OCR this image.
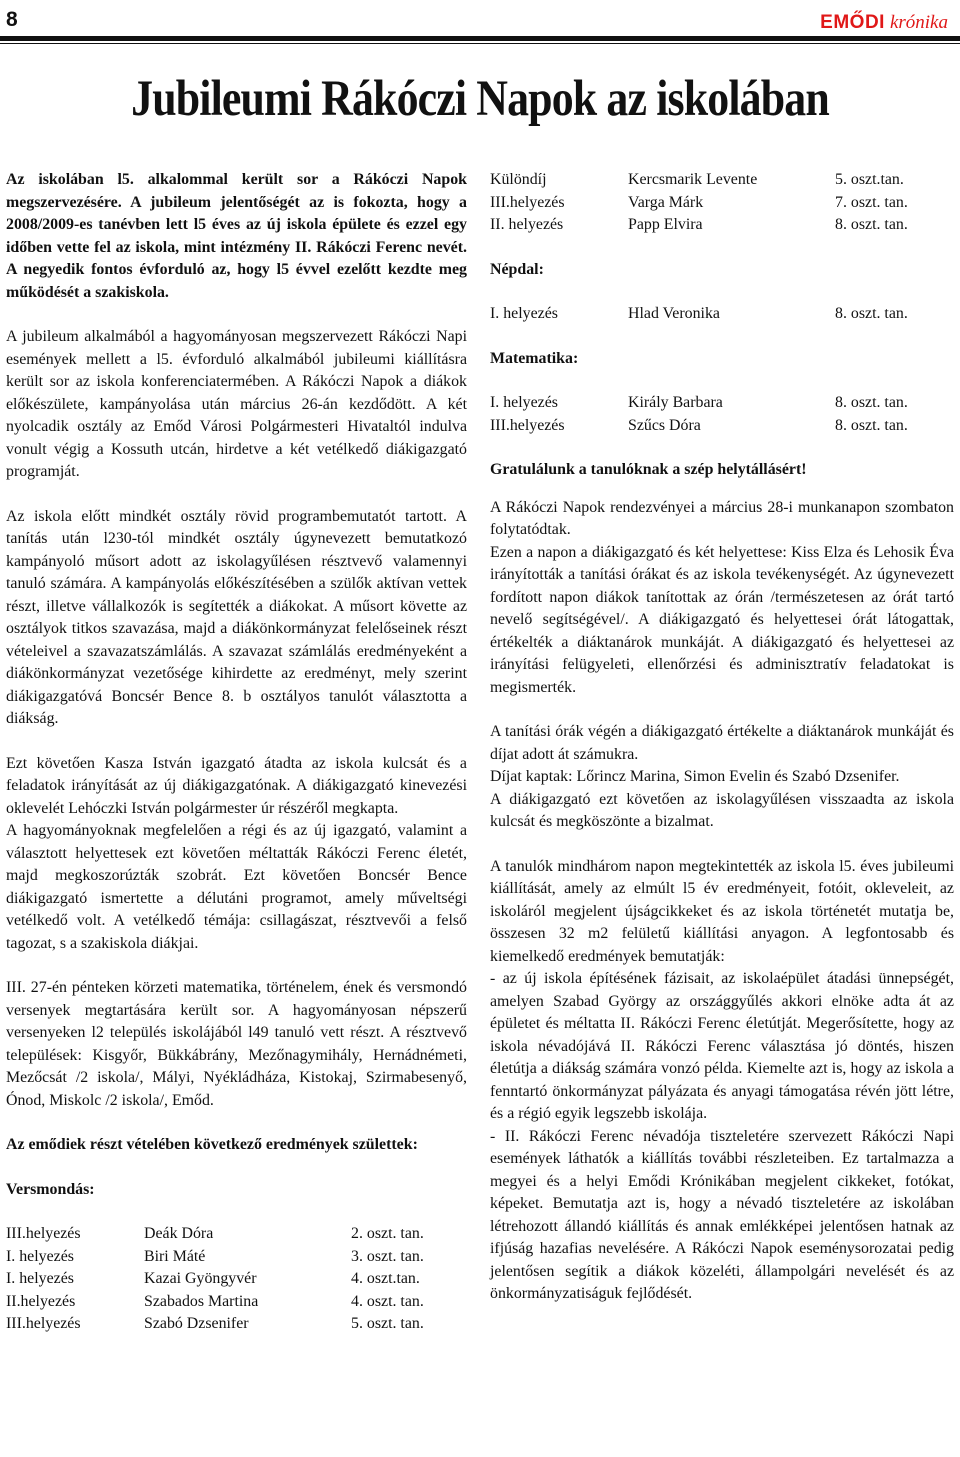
8	EMŐDI krónika
Jubileumi Rákóczi Napok az iskolában

Az iskolában l5. alkalommal került sor a Rákóczi Napok megszervezésére. A jubileum jelentőségét az is fokozta, hogy a 2008/2009-es tanévben lett l5 éves az új iskola épülete és ezzel egy időben vette fel az iskola, mint intézmény II. Rákóczi Ferenc nevét. A negyedik fontos évforduló az, hogy l5 évvel ezelőtt kezdte meg működését a szakiskola.

A jubileum alkalmából a hagyományosan megszervezett Rákóczi Napi események mellett a l5. évforduló alkalmából jubileumi kiállításra került sor az iskola konferenciatermében. A Rákóczi Napok a diákok előkészülete, kampányolása után március 26-án kezdődött. A két nyolcadik osztály az Emőd Városi Polgármesteri Hivataltól indulva vonult végig a Kossuth utcán, hirdetve a két vetélkedő diákigazgató programját.

Az iskola előtt mindkét osztály rövid programbemutatót tartott. A tanítás után l230-tól mindkét osztály úgynevezett bemutatkozó kampányoló műsort adott az iskolagyűlésen résztvevő valamennyi tanuló számára. A kampányolás előkészítésében a szülők aktívan vettek részt, illetve vállalkozók is segítették a diákokat. A műsort követte az osztályok titkos szavazása, majd a diákönkormányzat felelőseinek részt vételeivel a szavazatszámlálás. A szavazat számlálás eredményeként a diákönkormányzat vezetősége kihirdette az eredményt, mely szerint diákigazgatóvá Boncsér Bence 8. b osztályos tanulót választotta a diákság.

Ezt követően Kasza István igazgató átadta az iskola kulcsát és a feladatok irányítását az új diákigazgatónak. A diákigazgató kinevezési oklevelét Lehóczki István polgármester úr részéről megkapta.

A hagyományoknak megfelelően a régi és az új igazgató, valamint a választott helyettesek ezt követően méltatták Rákóczi Ferenc életét, majd megkoszorúzták szobrát. Ezt követően Boncsér Bence diákigazgató ismertette a délutáni programot, amely műveltségi vetélkedő volt. A vetélkedő témája: csillagászat, résztvevői a felső tagozat, s a szakiskola diákjai.

III. 27-én pénteken körzeti matematika, történelem, ének és versmondó versenyek megtartására került sor. A hagyományosan népszerű versenyeken l2 település iskolájából l49 tanuló vett részt. A résztvevő települések: Kisgyőr, Bükkábrány, Mezőnagymihály, Hernádnémeti, Mezőcsát /2 iskola/, Mályi, Nyékládháza, Kistokaj, Szirmabesenyő, Ónod, Miskolc /2 iskola/, Emőd.

Az emődiek részt vételében következő eredmények születtek:
Versmondás:
III.helyezés	Deák Dóra	2. oszt. tan.
I. helyezés	Biri Máté	3. oszt. tan.
I. helyezés	Kazai Gyöngyvér	4. oszt.tan.
II.helyezés	Szabados Martina	4. oszt. tan.
III.helyezés	Szabó Dzsenifer	5. oszt. tan.
Különdíj	Kercsmarik Levente	5. oszt.tan.
III.helyezés	Varga Márk	7. oszt. tan.
II. helyezés	Papp Elvira	8. oszt. tan.
Népdal:
I. helyezés	Hlad Veronika	8. oszt. tan.
Matematika:
I. helyezés	Király Barbara	8. oszt. tan.
III.helyezés	Szűcs Dóra	8. oszt. tan.

Gratulálunk a tanulóknak a szép helytállásért!

A Rákóczi Napok rendezvényei a március 28-i munkanapon szombaton folytatódtak.

Ezen a napon a diákigazgató és két helyettese: Kiss Elza és Lehosik Éva irányították a tanítási órákat és az iskola tevékenységét. Az úgynevezett fordított napon diákok tanítottak az órán /természetesen az órát tartó nevelő segítségével/. A diákigazgató és helyettesei órát látogattak, értékelték a diáktanárok munkáját. A diákigazgató és helyettesei az irányítási felügyeleti, ellenőrzési és adminisztratív feladatokat is megismerték.

A tanítási órák végén a diákigazgató értékelte a diáktanárok munkáját és díjat adott át számukra.

Díjat kaptak: Lőrincz Marina, Simon Evelin és Szabó Dzsenifer.

A diákigazgató ezt követően az iskolagyűlésen visszaadta az iskola kulcsát és megköszönte a bizalmat.

A tanulók mindhárom napon megtekintették az iskola l5. éves jubileumi kiállítását, amely az elmúlt l5 év eredményeit, fotóit, okleveleit, az iskoláról megjelent újságcikkeket és az iskola történetét mutatja be, összesen 32 m2 felületű kiállítási anyagon. A legfontosabb és kiemelkedő eredmények bemutatják:

- az új iskola építésének fázisait, az iskolaépület átadási ünnepségét, amelyen Szabad György az országgyűlés akkori elnöke adta át az épületet és méltatta II. Rákóczi Ferenc életútját. Megerősítette, hogy az iskola névadójává II. Rákóczi Ferenc választása jó döntés, hiszen életútja a diákság számára vonzó példa. Kiemelte azt is, hogy az iskola a fenntartó önkormányzat pályázata és anyagi támogatása révén jött létre, és a régió egyik legszebb iskolája.

- II. Rákóczi Ferenc névadója tiszteletére szervezett Rákóczi Napi események láthatók a kiállítás további részleteiben. Ez tartalmazza a megyei és a helyi Emődi Krónikában megjelent cikkeket, fotókat, képeket. Bemutatja azt is, hogy a névadó tiszteletére az iskolában létrehozott állandó kiállítás és annak emlékképei jelentősen hatnak az ifjúság hazafias nevelésére. A Rákóczi Napok eseménysorozatai pedig jelentősen segítik a diákok közeléti, állampolgári nevelését és az önkormányzatiságuk fejlődését.
